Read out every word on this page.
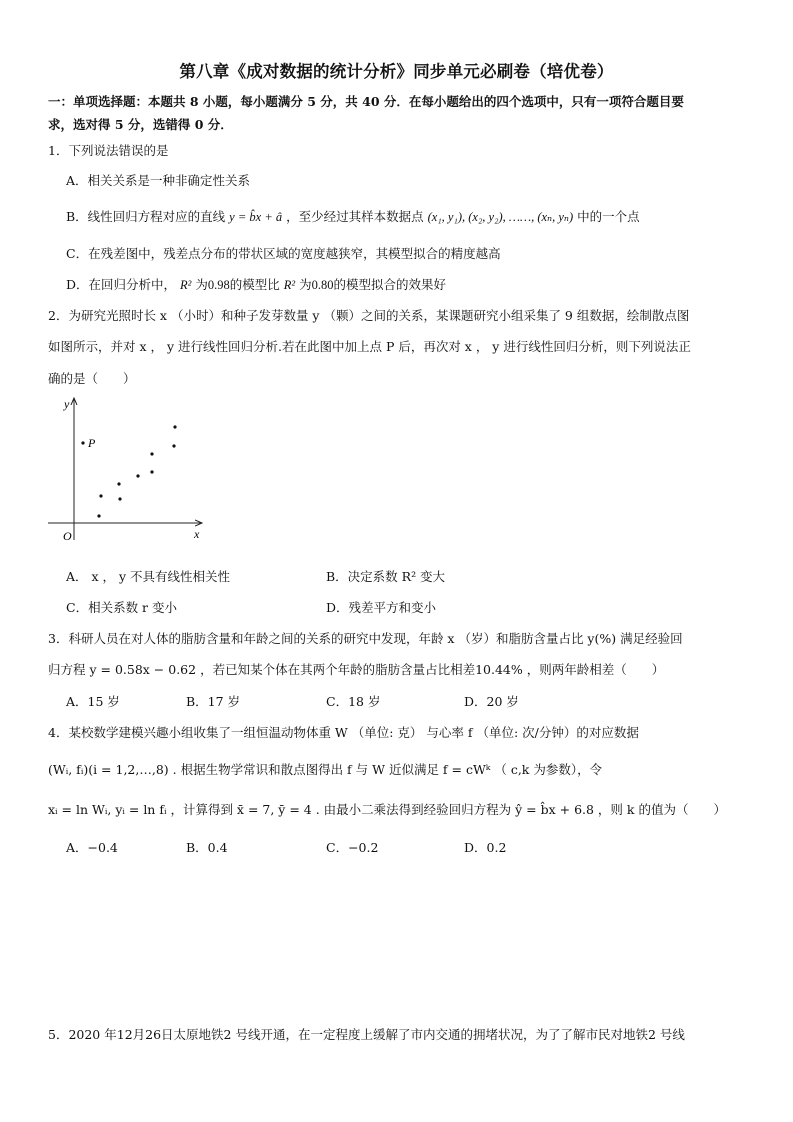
第八章《成对数据的统计分析》同步单元必刷卷（培优卷）
一：单项选择题：本题共 8 小题，每小题满分 5 分，共 40 分．在每小题给出的四个选项中，只有一项符合题目要
求，选对得 5 分，选错得 0 分．
1．下列说法错误的是
A．相关关系是一种非确定性关系
B．线性回归方程对应的直线 y = b̂x + â ，至少经过其样本数据点 (x₁, y₁), (x₂, y₂), ……, (xₙ, yₙ) 中的一个点
C．在残差图中，残差点分布的带状区域的宽度越狭窄，其模型拟合的精度越高
D．在回归分析中， R² 为0.98的模型比 R² 为0.80的模型拟合的效果好
2．为研究光照时长 x （小时）和种子发芽数量 y （颗）之间的关系，某课题研究小组采集了 9 组数据，绘制散点图
如图所示，并对 x ， y 进行线性回归分析.若在此图中加上点 P 后，再次对 x ， y 进行线性回归分析，则下列说法正
确的是（　　）
x
y
O
P
A． x ， y 不具有线性相关性	B．决定系数 R² 变大
C．相关系数 r 变小	D．残差平方和变小
3．科研人员在对人体的脂肪含量和年龄之间的关系的研究中发现，年龄 x （岁）和脂肪含量占比 y(%) 满足经验回
归方程 y = 0.58x − 0.62 ，若已知某个体在其两个年龄的脂肪含量占比相差10.44% ，则两年龄相差（　　）
A．15 岁	B．17 岁	C．18 岁	D．20 岁
4．某校数学建模兴趣小组收集了一组恒温动物体重 W （单位: 克） 与心率 f （单位: 次/分钟）的对应数据
(Wᵢ, fᵢ)(i = 1,2,…,8) . 根据生物学常识和散点图得出 f 与 W 近似满足 f = cWᵏ （ c,k 为参数），令
xᵢ = ln Wᵢ, yᵢ = ln fᵢ ，计算得到 x̄ = 7, ȳ = 4 . 由最小二乘法得到经验回归方程为 ŷ = b̂x + 6.8 ，则 k 的值为（　　）
A．−0.4	B．0.4	C．−0.2	D．0.2
5．2020 年12月26日太原地铁2 号线开通，在一定程度上缓解了市内交通的拥堵状况，为了了解市民对地铁2 号线
